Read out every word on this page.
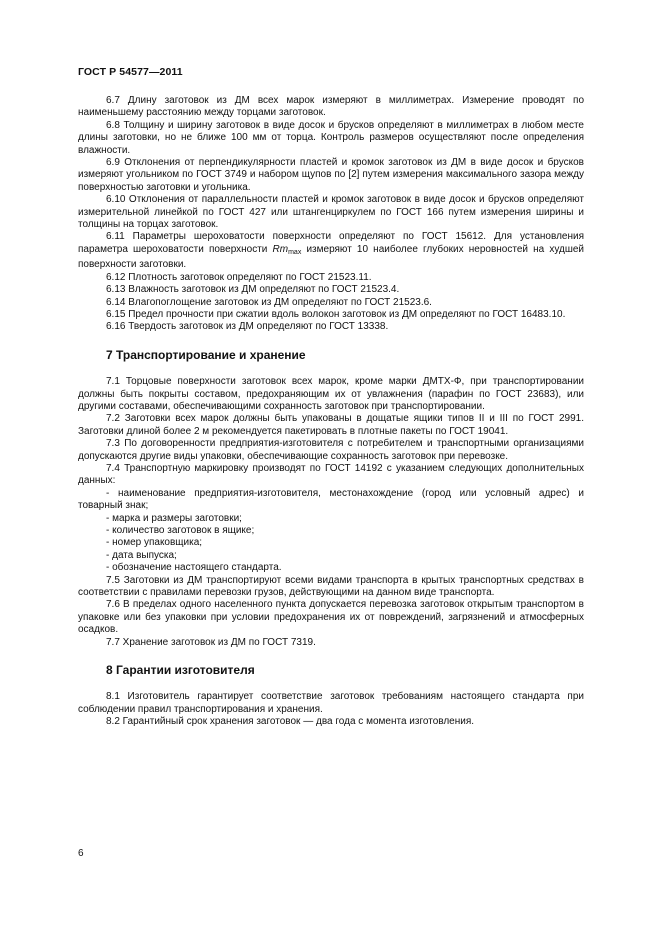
ГОСТ Р 54577—2011

6.7 Длину заготовок из ДМ всех марок измеряют в миллиметрах. Измерение проводят по наименьшему расстоянию между торцами заготовок.

6.8 Толщину и ширину заготовок в виде досок и брусков определяют в миллиметрах в любом месте длины заготовки, но не ближе 100 мм от торца. Контроль размеров осуществляют после определения влажности.

6.9 Отклонения от перпендикулярности пластей и кромок заготовок из ДМ в виде досок и брусков измеряют угольником по ГОСТ 3749 и набором щупов по [2] путем измерения максимального зазора между поверхностью заготовки и угольника.

6.10 Отклонения от параллельности пластей и кромок заготовок в виде досок и брусков определяют измерительной линейкой по ГОСТ 427 или штангенциркулем по ГОСТ 166 путем измерения ширины и толщины на торцах заготовок.

6.11 Параметры шероховатости поверхности определяют по ГОСТ 15612. Для установления параметра шероховатости поверхности $Rm_{max}$ измеряют 10 наиболее глубоких неровностей на худшей поверхности заготовки.

6.12 Плотность заготовок определяют по ГОСТ 21523.11.

6.13 Влажность заготовок из ДМ определяют по ГОСТ 21523.4.

6.14 Влагопоглощение заготовок из ДМ определяют по ГОСТ 21523.6.

6.15 Предел прочности при сжатии вдоль волокон заготовок из ДМ определяют по ГОСТ 16483.10.

6.16 Твердость заготовок из ДМ определяют по ГОСТ 13338.

7 Транспортирование и хранение

7.1 Торцовые поверхности заготовок всех марок, кроме марки ДМТХ-Ф, при транспортировании должны быть покрыты составом, предохраняющим их от увлажнения (парафин по ГОСТ 23683), или другими составами, обеспечивающими сохранность заготовок при транспортировании.

7.2 Заготовки всех марок должны быть упакованы в дощатые ящики типов II и III по ГОСТ 2991. Заготовки длиной более 2 м рекомендуется пакетировать в плотные пакеты по ГОСТ 19041.

7.3 По договоренности предприятия-изготовителя с потребителем и транспортными организациями допускаются другие виды упаковки, обеспечивающие сохранность заготовок при перевозке.

7.4 Транспортную маркировку производят по ГОСТ 14192 с указанием следующих дополнительных данных:

- наименование предприятия-изготовителя, местонахождение (город или условный адрес) и товарный знак;

- марка и размеры заготовки;

- количество заготовок в ящике;

- номер упаковщика;

- дата выпуска;

- обозначение настоящего стандарта.

7.5 Заготовки из ДМ транспортируют всеми видами транспорта в крытых транспортных средствах в соответствии с правилами перевозки грузов, действующими на данном виде транспорта.

7.6 В пределах одного населенного пункта допускается перевозка заготовок открытым транспортом в упаковке или без упаковки при условии предохранения их от повреждений, загрязнений и атмосферных осадков.

7.7 Хранение заготовок из ДМ по ГОСТ 7319.

8 Гарантии изготовителя

8.1 Изготовитель гарантирует соответствие заготовок требованиям настоящего стандарта при соблюдении правил транспортирования и хранения.

8.2 Гарантийный срок хранения заготовок — два года с момента изготовления.

6
